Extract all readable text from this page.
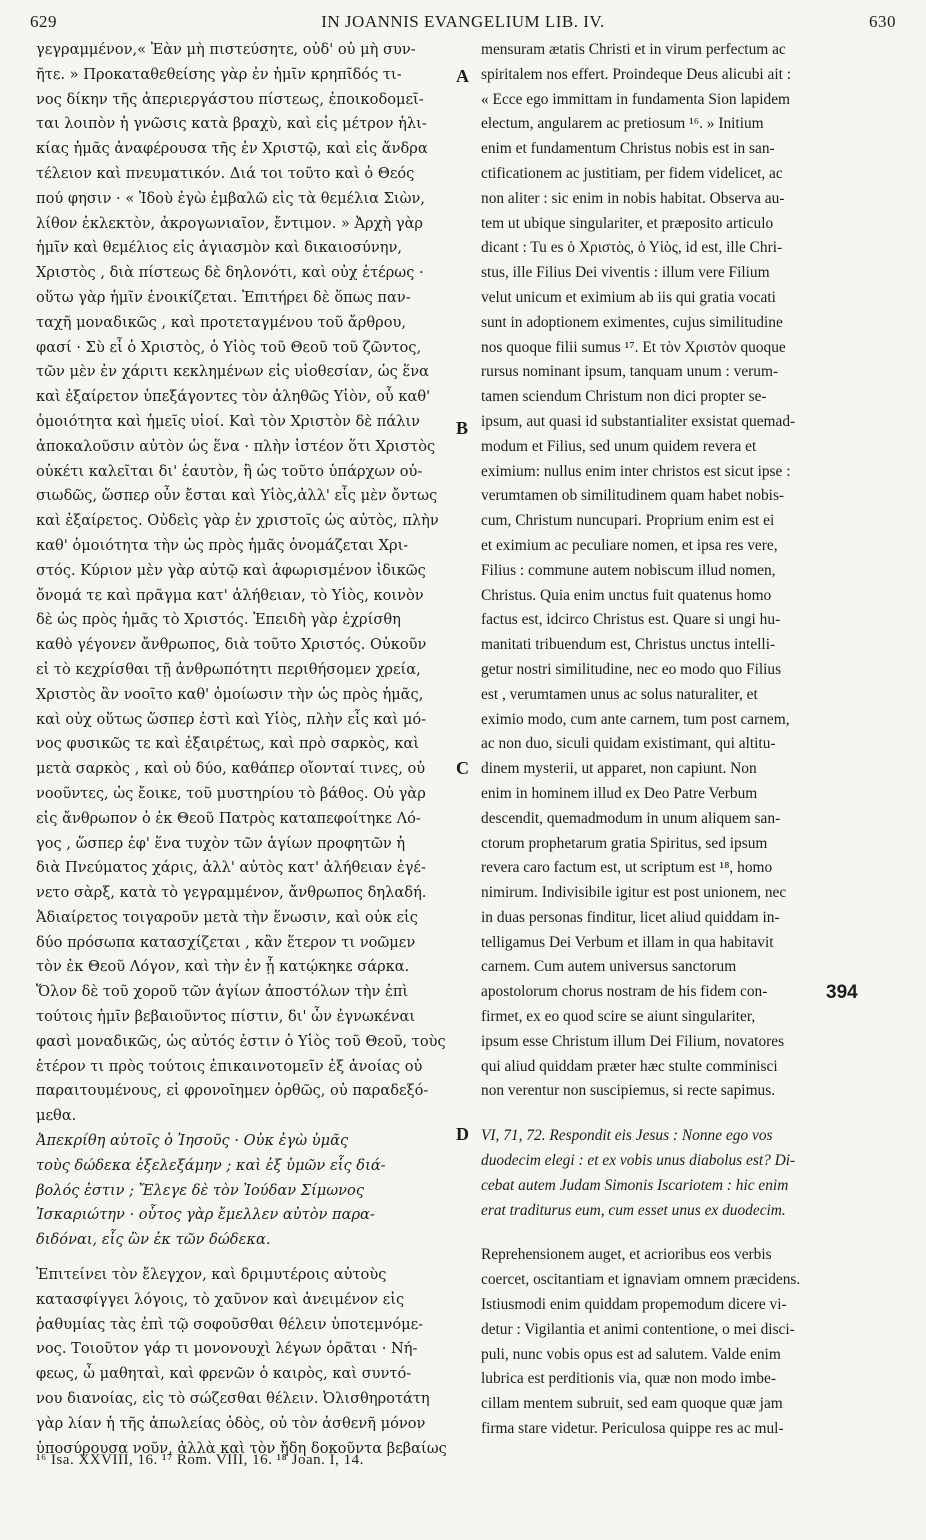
629	IN JOANNIS EVANGELIUM LIB. IV.	630
γεγραμμένον,« Ἐὰν μὴ πιστεύσητε, οὐδ' οὐ μὴ συν-
ῆτε. » Προκαταθεθείσης γὰρ ἐν ἡμῖν κρηπῖδός τι-
νος δίκην τῆς ἀπεριεργάστου πίστεως, ἐποικοδομεῖ-
ται λοιπὸν ἡ γνῶσις κατὰ βραχὺ, καὶ εἰς μέτρον ἡλι-
κίας ἡμᾶς ἀναφέρουσα τῆς ἐν Χριστῷ, καὶ εἰς ἄνδρα
τέλειον καὶ πνευματικόν. Διά τοι τοῦτο καὶ ὁ Θεός
πού φησιν · « Ἰδοὺ ἐγὼ ἐμβαλῶ εἰς τὰ θεμέλια Σιὼν,
λίθον ἐκλεκτὸν, ἀκρογωνιαῖον, ἔντιμον. » Ἀρχὴ γὰρ
ἡμῖν καὶ θεμέλιος εἰς ἁγιασμὸν καὶ δικαιοσύνην,
Χριστὸς , διὰ πίστεως δὲ δηλονότι, καὶ οὐχ ἑτέρως ·
οὕτω γὰρ ἡμῖν ἐνοικίζεται. Ἐπιτήρει δὲ ὅπως παν-
ταχῆ μοναδικῶς , καὶ προτεταγμένου τοῦ ἄρθρου,
φασί · Σὺ εἶ ὁ Χριστὸς, ὁ Υἱὸς τοῦ Θεοῦ τοῦ ζῶντος,
τῶν μὲν ἐν χάριτι κεκλημένων εἰς υἱοθεσίαν, ὡς ἕνα
καὶ ἐξαίρετον ὑπεξάγοντες τὸν ἀληθῶς Υἱὸν, οὗ καθ'
ὁμοιότητα καὶ ἡμεῖς υἱοί. Καὶ τὸν Χριστὸν δὲ πάλιν
ἀποκαλοῦσιν αὐτὸν ὡς ἕνα · πλὴν ἰστέον ὅτι Χριστὸς
οὐκέτι καλεῖται δι' ἑαυτὸν, ἢ ὡς τοῦτο ὑπάρχων οὐ-
σιωδῶς, ὥσπερ οὖν ἔσται καὶ Υἱὸς,ἀλλ' εἷς μὲν ὄντως
καὶ ἐξαίρετος. Οὐδεὶς γὰρ ἐν χριστοῖς ὡς αὐτὸς, πλὴν
καθ' ὁμοιότητα τὴν ὡς πρὸς ἡμᾶς ὀνομάζεται Χρι-
στός. Κύριον μὲν γὰρ αὐτῷ καὶ ἀφωρισμένον ἰδικῶς
ὄνομά τε καὶ πρᾶγμα κατ' ἀλήθειαν, τὸ Υἱὸς, κοινὸν
δὲ ὡς πρὸς ἡμᾶς τὸ Χριστός. Ἐπειδὴ γὰρ ἐχρίσθη
καθὸ γέγονεν ἄνθρωπος, διὰ τοῦτο Χριστός. Οὐκοῦν
εἰ τὸ κεχρίσθαι τῇ ἀνθρωπότητι περιθήσομεν χρεία,
Χριστὸς ἂν νοοῖτο καθ' ὁμοίωσιν τὴν ὡς πρὸς ἡμᾶς,
καὶ οὐχ οὕτως ὥσπερ ἐστὶ καὶ Υἱὸς, πλὴν εἷς καὶ μό-
νος φυσικῶς τε καὶ ἐξαιρέτως, καὶ πρὸ σαρκὸς, καὶ
μετὰ σαρκὸς , καὶ οὐ δύο, καθάπερ οἴονταί τινες, οὐ
νοοῦντες, ὡς ἔοικε, τοῦ μυστηρίου τὸ βάθος. Οὐ γὰρ
εἰς ἄνθρωπον ὁ ἐκ Θεοῦ Πατρὸς καταπεφοίτηκε Λό-
γος , ὥσπερ ἐφ' ἕνα τυχὸν τῶν ἁγίων προφητῶν ἡ
διὰ Πνεύματος χάρις, ἀλλ' αὐτὸς κατ' ἀλήθειαν ἐγέ-
νετο σὰρξ, κατὰ τὸ γεγραμμένον, ἄνθρωπος δηλαδή.
Ἀδιαίρετος τοιγαροῦν μετὰ τὴν ἕνωσιν, καὶ οὐκ εἰς
δύο πρόσωπα κατασχίζεται , κἂν ἕτερον τι νοῶμεν
τὸν ἐκ Θεοῦ Λόγον, καὶ τὴν ἐν ᾗ κατῴκηκε σάρκα.
Ὅλον δὲ τοῦ χοροῦ τῶν ἁγίων ἀποστόλων τὴν ἐπὶ
τούτοις ἡμῖν βεβαιοῦντος πίστιν, δι' ὧν ἐγνωκέναι
φασὶ μοναδικῶς, ὡς αὐτός ἐστιν ὁ Υἱὸς τοῦ Θεοῦ, τοὺς
ἑτέρον τι πρὸς τούτοις ἐπικαινοτομεῖν ἐξ ἀνοίας οὐ
παραιτουμένους, εἰ φρονοῖημεν ὀρθῶς, οὐ παραδεξό-
μεθα.
Ἀπεκρίθη αὐτοῖς ὁ Ἰησοῦς · Οὐκ ἐγὼ ὑμᾶς
τοὺς δώδεκα ἐξελεξάμην ; καὶ ἐξ ὑμῶν εἷς διά-
βολός ἐστιν ; Ἔλεγε δὲ τὸν Ἰούδαν Σίμωνος
Ἰσκαριώτην · οὗτος γὰρ ἔμελλεν αὐτὸν παρα-
διδόναι, εἷς ὢν ἐκ τῶν δώδεκα.
Ἐπιτείνει τὸν ἔλεγχον, καὶ δριμυτέροις αὐτοὺς
κατασφίγγει λόγοις, τὸ χαῦνον καὶ ἀνειμένον εἰς
ῥαθυμίας τὰς ἐπὶ τῷ σοφοῦσθαι θέλειν ὑποτεμνόμε-
νος. Τοιοῦτον γάρ τι μονονουχὶ λέγων ὁρᾶται · Νή-
φεως, ὦ μαθηταὶ, καὶ φρενῶν ὁ καιρὸς, καὶ συντό-
νου διανοίας, εἰς τὸ σώζεσθαι θέλειν. Ὀλισθηροτάτη
γὰρ λίαν ἡ τῆς ἀπωλείας ὁδὸς, οὐ τὸν ἀσθενῆ μόνον
ὑποσύρουσα νοῦν, ἀλλὰ καὶ τὸν ἤδη δοκοῦντα βεβαίως
mensuram ætatis Christi et in virum perfectum ac
spiritalem nos effert. Proindeque Deus alicubi ait :
« Ecce ego immittam in fundamenta Sion lapidem
electum, angularem ac pretiosum ¹⁶. » Initium
enim et fundamentum Christus nobis est in san-
ctificationem ac justitiam, per fidem videlicet, ac
non aliter : sic enim in nobis habitat. Observa au-
tem ut ubique singulariter, et præposito articulo
dicant : Tu es ὁ Χριστὸς, ὁ Υἱὸς, id est, ille Chri-
stus, ille Filius Dei viventis : illum vere Filium
velut unicum et eximium ab iis qui gratia vocati
sunt in adoptionem eximentes, cujus similitudine
nos quoque filii sumus ¹⁷. Et τὸν Χριστὸν quoque
rursus nominant ipsum, tanquam unum : verum-
tamen sciendum Christum non dici propter se-
ipsum, aut quasi id substantialiter exsistat quemad-
modum et Filius, sed unum quidem revera et
eximium: nullus enim inter christos est sicut ipse :
verumtamen ob similitudinem quam habet nobis-
cum, Christum nuncupari. Proprium enim est ei
et eximium ac peculiare nomen, et ipsa res vere,
Filius : commune autem nobiscum illud nomen,
Christus. Quia enim unctus fuit quatenus homo
factus est, idcirco Christus est. Quare si ungi hu-
manitati tribuendum est, Christus unctus intelli-
getur nostri similitudine, nec eo modo quo Filius
est , verumtamen unus ac solus naturaliter, et
eximio modo, cum ante carnem, tum post carnem,
ac non duo, siculi quidam existimant, qui altitu-
dinem mysterii, ut apparet, non capiunt. Non
enim in hominem illud ex Deo Patre Verbum
descendit, quemadmodum in unum aliquem san-
ctorum prophetarum gratia Spiritus, sed ipsum
revera caro factum est, ut scriptum est ¹⁸, homo
nimirum. Indivisibile igitur est post unionem, nec
in duas personas finditur, licet aliud quiddam in-
telligamus Dei Verbum et illam in qua habitavit
carnem. Cum autem universus sanctorum
apostolorum chorus nostram de his fidem con-
firmet, ex eo quod scire se aiunt singulariter,
ipsum esse Christum illum Dei Filium, novatores
qui aliud quiddam præter hæc stulte comminisci
non verentur non suscipiemus, si recte sapimus.
VI, 71, 72. Respondit eis Jesus : Nonne ego vos
duodecim elegi : et ex vobis unus diabolus est? Di-
cebat autem Judam Simonis Iscariotem : hic enim
erat traditurus eum, cum esset unus ex duodecim.
Reprehensionem auget, et acrioribus eos verbis
coercet, oscitantiam et ignaviam omnem præcidens.
Istiusmodi enim quiddam propemodum dicere vi-
detur : Vigilantia et animi contentione, o mei disci-
puli, nunc vobis opus est ad salutem. Valde enim
lubrica est perditionis via, quæ non modo imbe-
cillam mentem subruit, sed eam quoque quæ jam
firma stare videtur. Periculosa quippe res ac mul-
A
B
C
D
394
¹⁶ Isa. XXVIII, 16. ¹⁷ Rom. VIII, 16. ¹⁸ Joan. I, 14.
